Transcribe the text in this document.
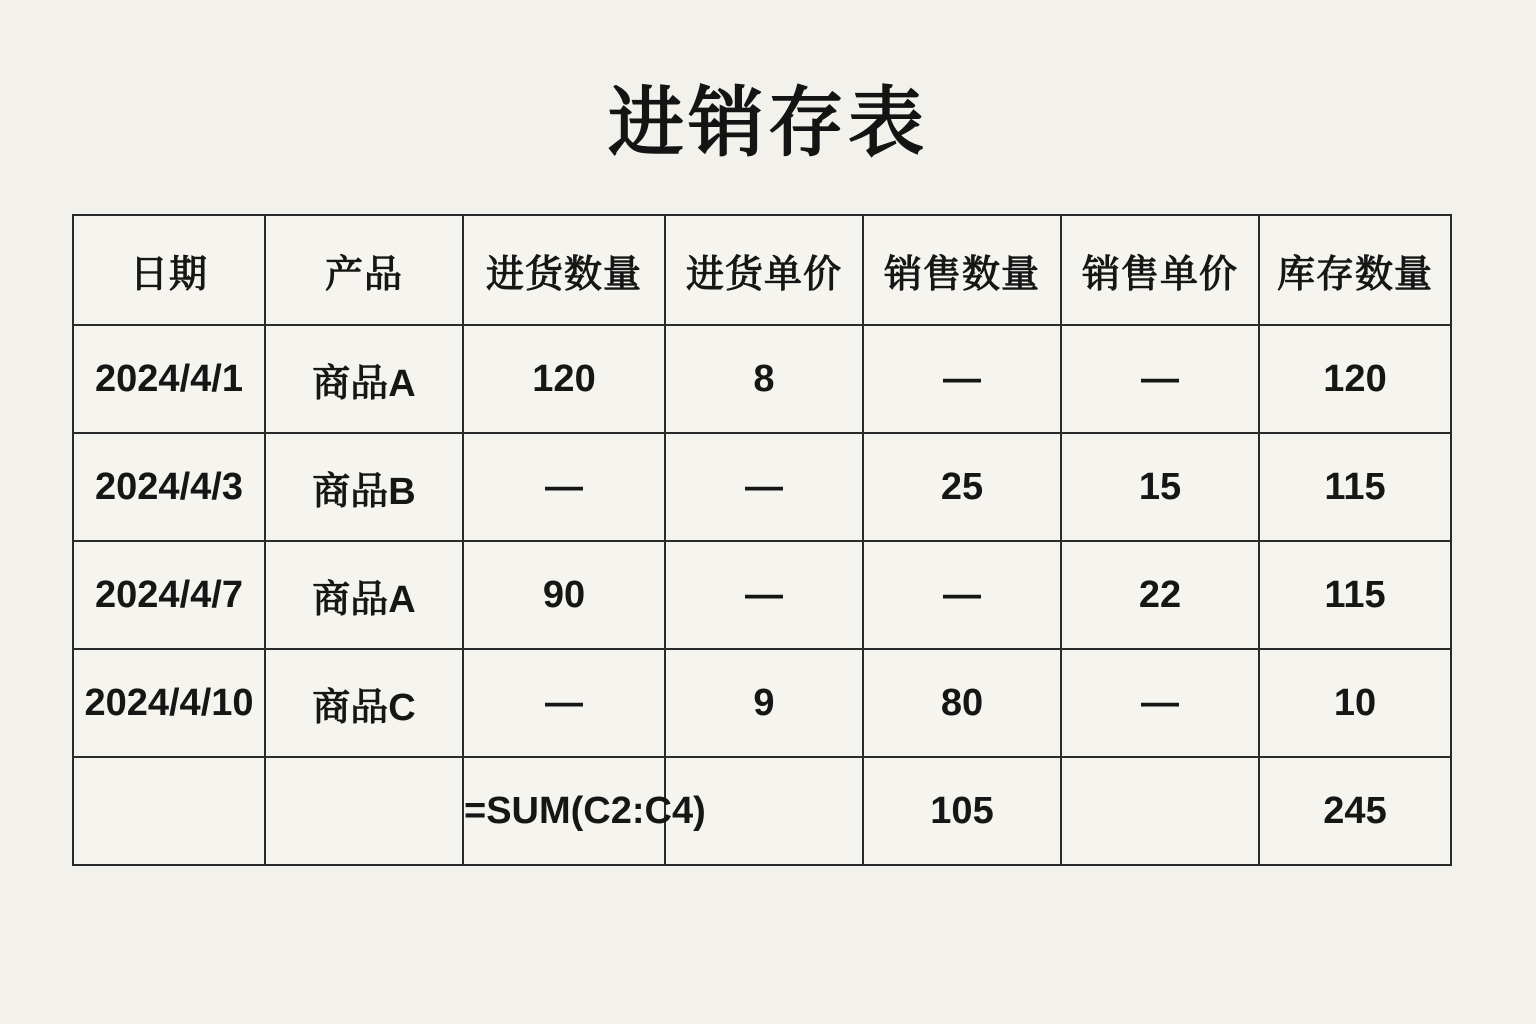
进销存表
日期	产品	进货数量	进货单价	销售数量	销售单价	库存数量
2024/4/1	商品A	120	8	—	—	120
2024/4/3	商品B	—	—	25	15	115
2024/4/7	商品A	90	—	—	22	115
2024/4/10	商品C	—	9	80	—	10
		=SUM(C2:C4)		105		245
